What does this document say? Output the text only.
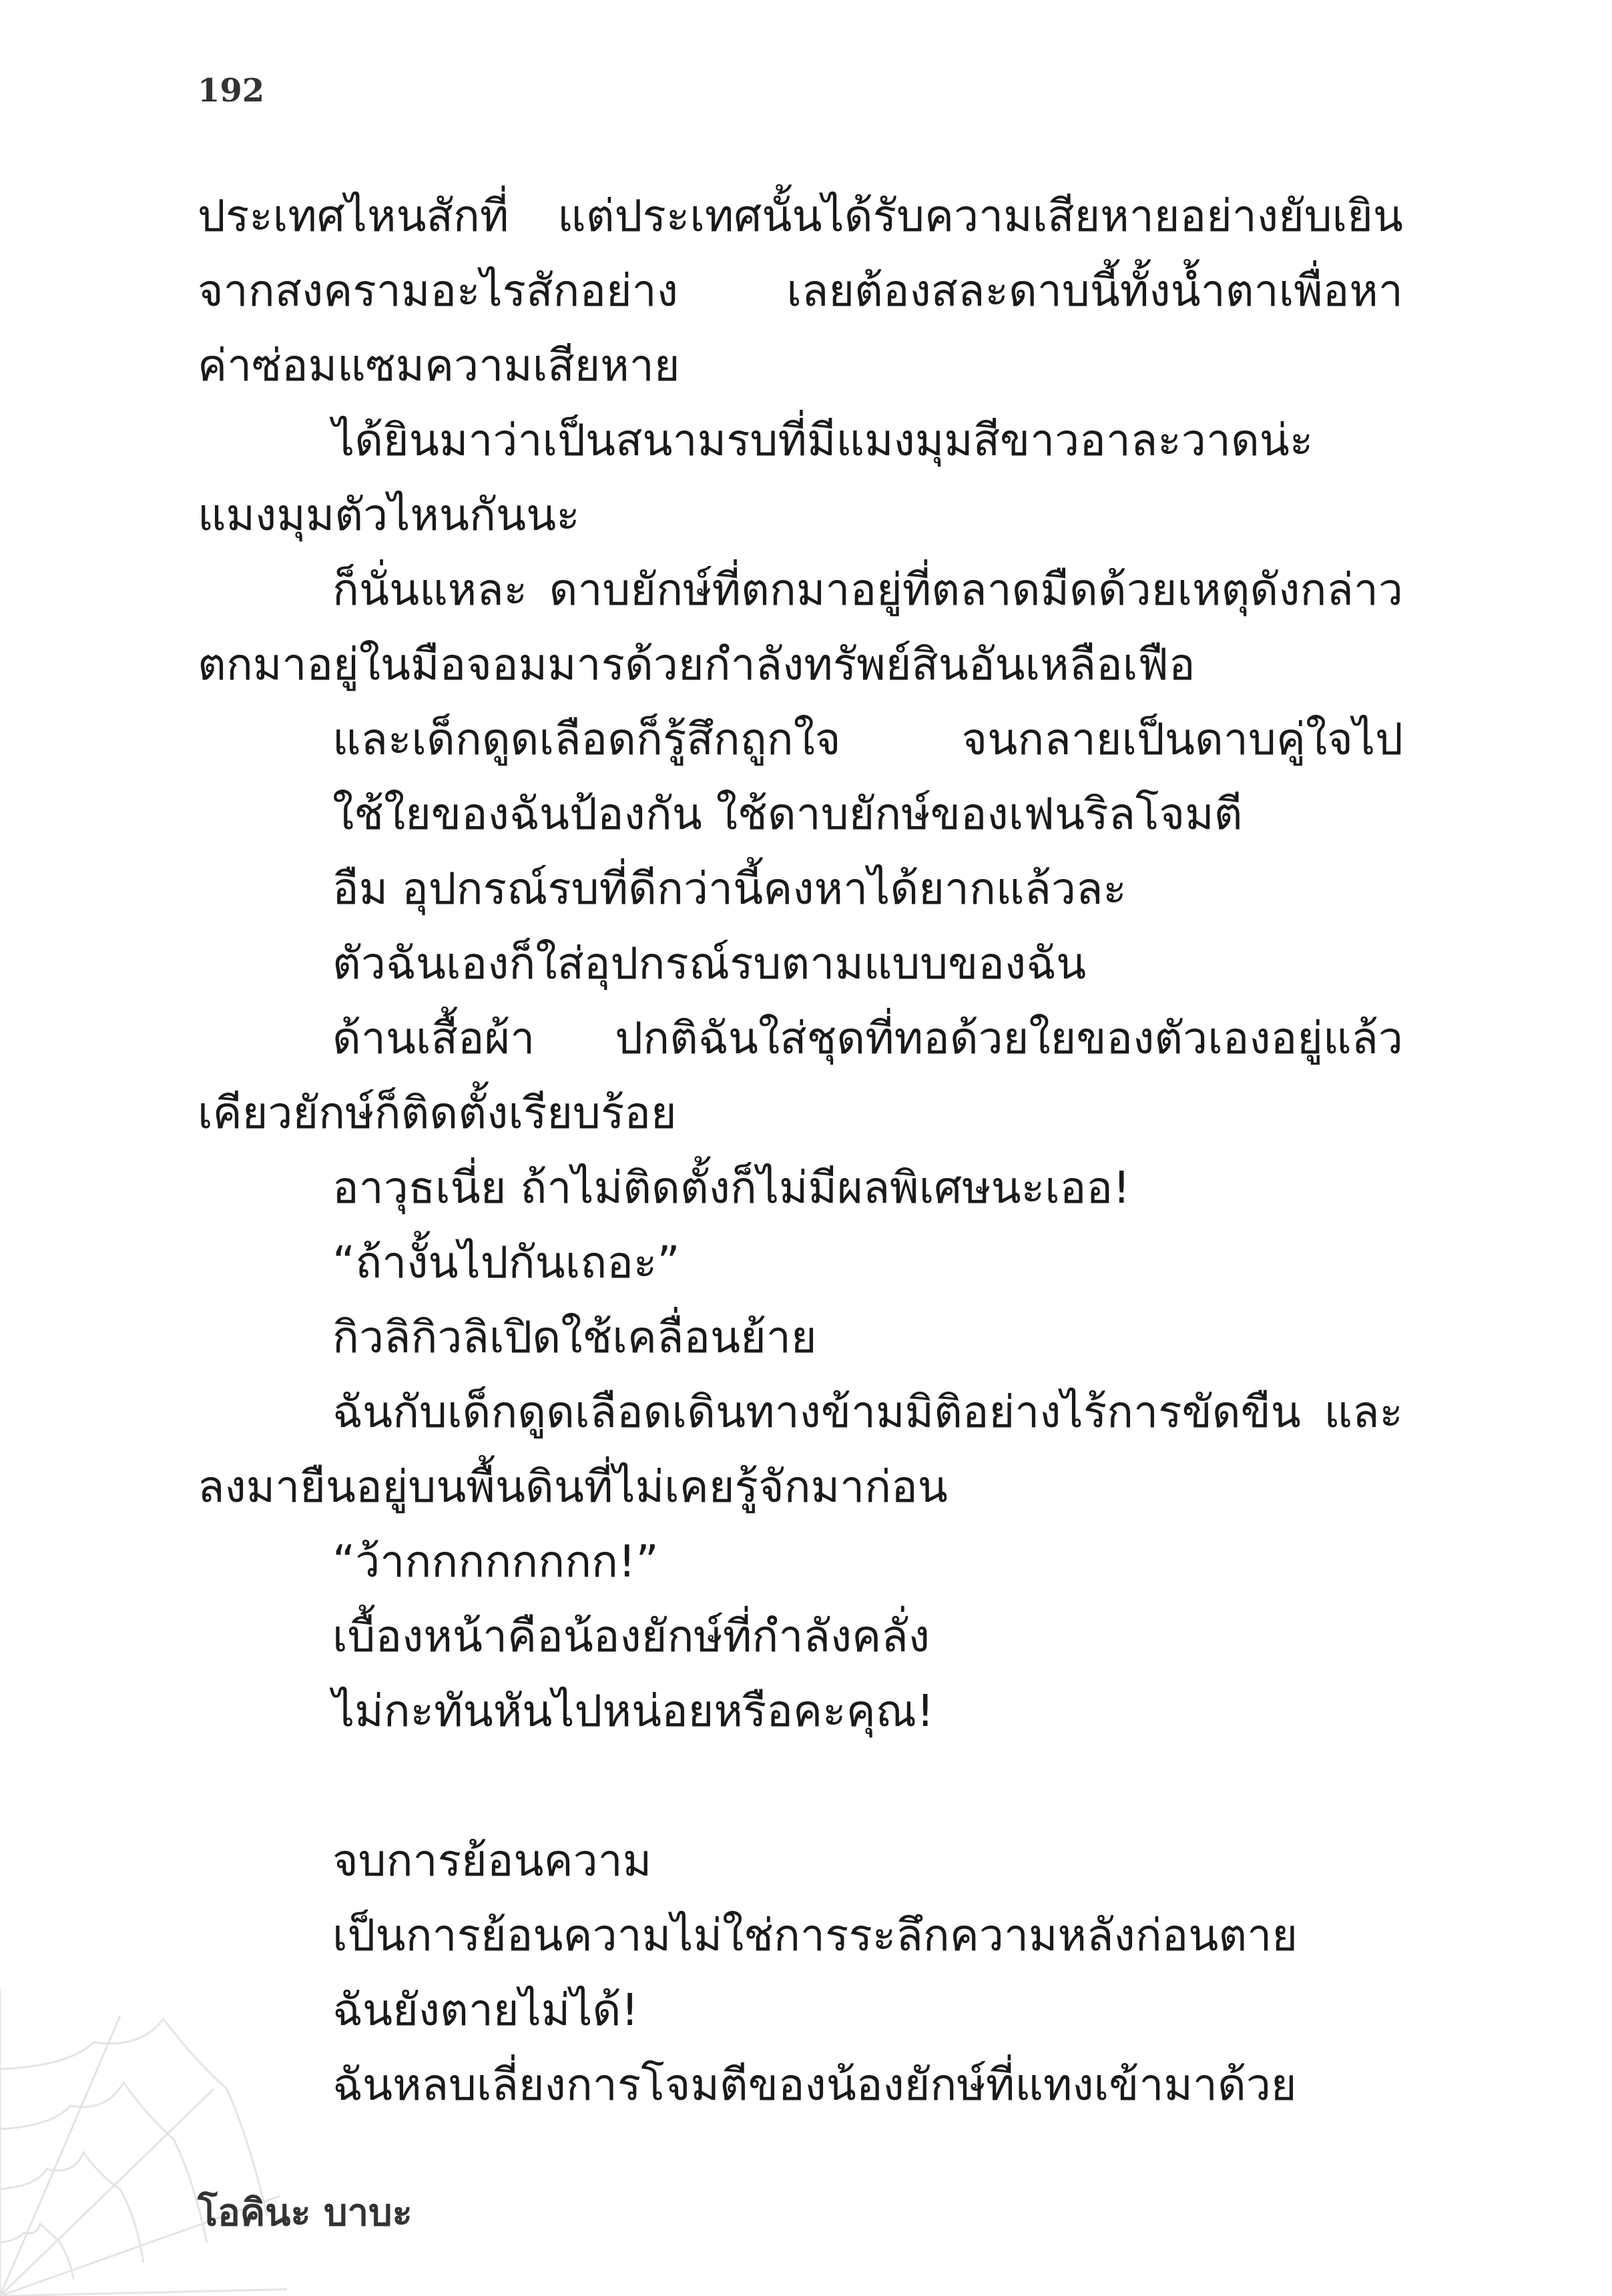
192
ประเทศไหนสักที่ แต่ประเทศนั้นได้รับความเสียหายอย่างยับเยิน
จากสงครามอะไรสักอย่าง เลยต้องสละดาบนี้ทั้งน้ำตาเพื่อหา
ค่าซ่อมแซมความเสียหาย
ได้ยินมาว่าเป็นสนามรบที่มีแมงมุมสีขาวอาละวาดน่ะ
แมงมุมตัวไหนกันนะ
ก็นั่นแหละ ดาบยักษ์ที่ตกมาอยู่ที่ตลาดมืดด้วยเหตุดังกล่าว
ตกมาอยู่ในมือจอมมารด้วยกำลังทรัพย์สินอันเหลือเฟือ
และเด็กดูดเลือดก็รู้สึกถูกใจ จนกลายเป็นดาบคู่ใจไป
ใช้ใยของฉันป้องกัน ใช้ดาบยักษ์ของเฟนริลโจมตี
อืม อุปกรณ์รบที่ดีกว่านี้คงหาได้ยากแล้วละ
ตัวฉันเองก็ใส่อุปกรณ์รบตามแบบของฉัน
ด้านเสื้อผ้า ปกติฉันใส่ชุดที่ทอด้วยใยของตัวเองอยู่แล้ว
เคียวยักษ์ก็ติดตั้งเรียบร้อย
อาวุธเนี่ย ถ้าไม่ติดตั้งก็ไม่มีผลพิเศษนะเออ!
“ถ้างั้นไปกันเถอะ”
กิวลิกิวลิเปิดใช้เคลื่อนย้าย
ฉันกับเด็กดูดเลือดเดินทางข้ามมิติอย่างไร้การขัดขืน และ
ลงมายืนอยู่บนพื้นดินที่ไม่เคยรู้จักมาก่อน
“ว้ากกกกกกกก!”
เบื้องหน้าคือน้องยักษ์ที่กำลังคลั่ง
ไม่กะทันหันไปหน่อยหรือคะคุณ!
จบการย้อนความ
เป็นการย้อนความไม่ใช่การระลึกความหลังก่อนตาย
ฉันยังตายไม่ได้!
ฉันหลบเลี่ยงการโจมตีของน้องยักษ์ที่แทงเข้ามาด้วย
โอคินะ บาบะ
